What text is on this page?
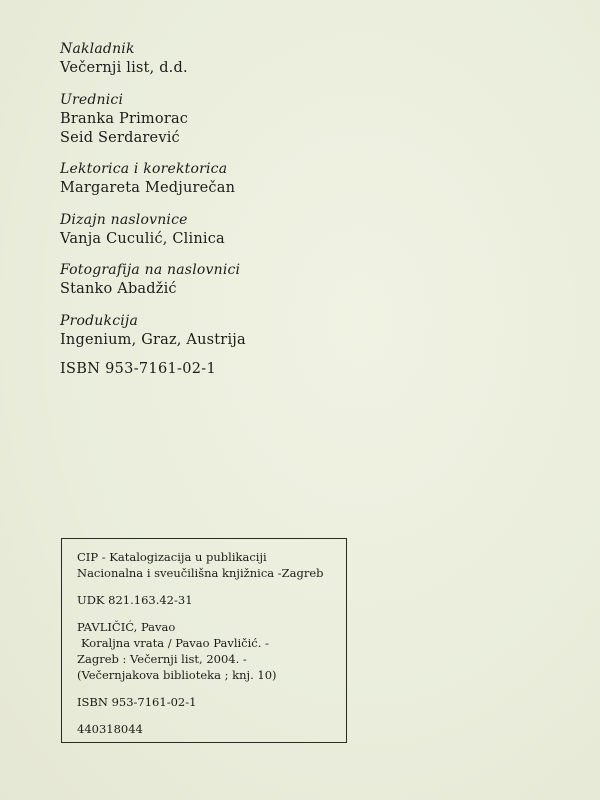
Nakladnik
Večernji list, d.d.
Urednici
Branka Primorac
Seid Serdarević
Lektorica i korektorica
Margareta Medjurečan
Dizajn naslovnice
Vanja Cuculić, Clinica
Fotografija na naslovnici
Stanko Abadžić
Produkcija
Ingenium, Graz, Austrija
ISBN 953-7161-02-1
CIP - Katalogizacija u publikaciji
Nacionalna i sveučilišna knjižnica -Zagreb
UDK 821.163.42-31
PAVLIČIĆ, Pavao
Koraljna vrata / Pavao Pavličić. -
Zagreb : Večernji list, 2004. -
(Večernjakova biblioteka ; knj. 10)
ISBN 953-7161-02-1
440318044
